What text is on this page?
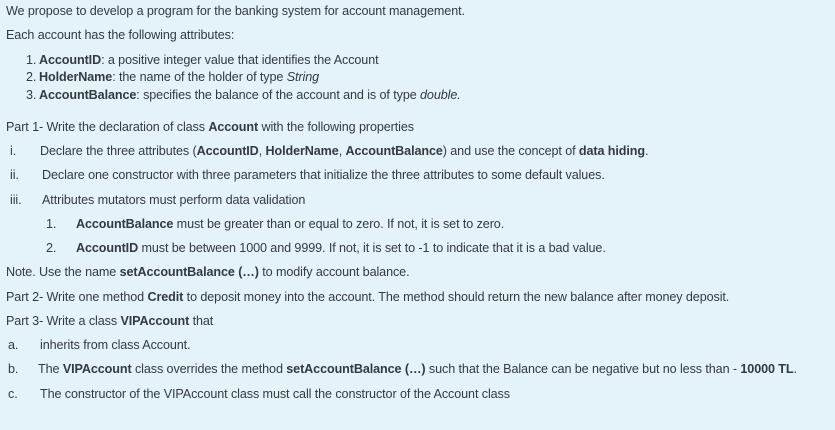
We propose to develop a program for the banking system for account management.
Each account has the following attributes:
1. AccountID: a positive integer value that identifies the Account
2. HolderName: the name of the holder of type String
3. AccountBalance: specifies the balance of the account and is of type double.
Part 1- Write the declaration of class Account with the following properties
i. Declare the three attributes (AccountID, HolderName, AccountBalance) and use the concept of data hiding.
ii. Declare one constructor with three parameters that initialize the three attributes to some default values.
iii. Attributes mutators must perform data validation
1. AccountBalance must be greater than or equal to zero. If not, it is set to zero.
2. AccountID must be between 1000 and 9999. If not, it is set to -1 to indicate that it is a bad value.
Note. Use the name setAccountBalance (…) to modify account balance.
Part 2- Write one method Credit to deposit money into the account. The method should return the new balance after money deposit.
Part 3- Write a class VIPAccount that
a. inherits from class Account.
b. The VIPAccount class overrides the method setAccountBalance (…) such that the Balance can be negative but no less than - 10000 TL.
c. The constructor of the VIPAccount class must call the constructor of the Account class
